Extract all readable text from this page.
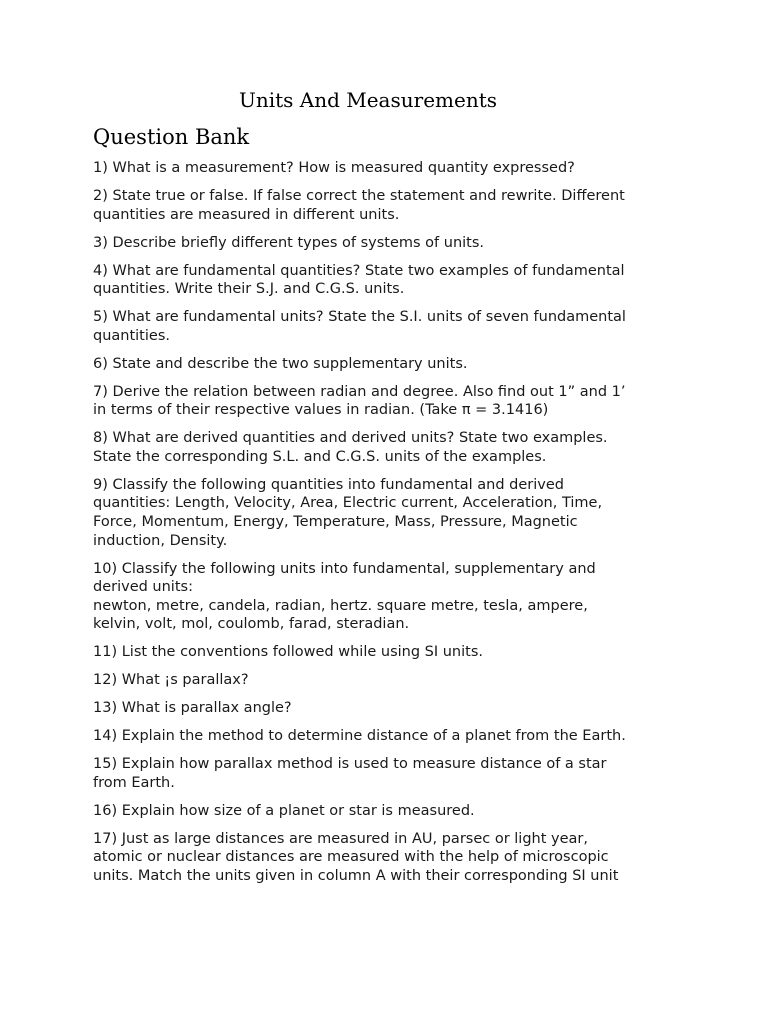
Units And Measurements
Question Bank
1) What is a measurement? How is measured quantity expressed?
2) State true or false. If false correct the statement and rewrite. Different
quantities are measured in different units.
3) Describe briefly different types of systems of units.
4) What are fundamental quantities? State two examples of fundamental
quantities. Write their S.J. and C.G.S. units.
5) What are fundamental units? State the S.I. units of seven fundamental
quantities.
6) State and describe the two supplementary units.
7) Derive the relation between radian and degree. Also find out 1” and 1’
in terms of their respective values in radian. (Take π = 3.1416)
8) What are derived quantities and derived units? State two examples.
State the corresponding S.L. and C.G.S. units of the examples.
9) Classify the following quantities into fundamental and derived
quantities: Length, Velocity, Area, Electric current, Acceleration, Time,
Force, Momentum, Energy, Temperature, Mass, Pressure, Magnetic
induction, Density.
10) Classify the following units into fundamental, supplementary and
derived units:
newton, metre, candela, radian, hertz. square metre, tesla, ampere,
kelvin, volt, mol, coulomb, farad, steradian.
11) List the conventions followed while using SI units.
12) What ¡s parallax?
13) What is parallax angle?
14) Explain the method to determine distance of a planet from the Earth.
15) Explain how parallax method is used to measure distance of a star
from Earth.
16) Explain how size of a planet or star is measured.
17) Just as large distances are measured in AU, parsec or light year,
atomic or nuclear distances are measured with the help of microscopic
units. Match the units given in column A with their corresponding SI unit
